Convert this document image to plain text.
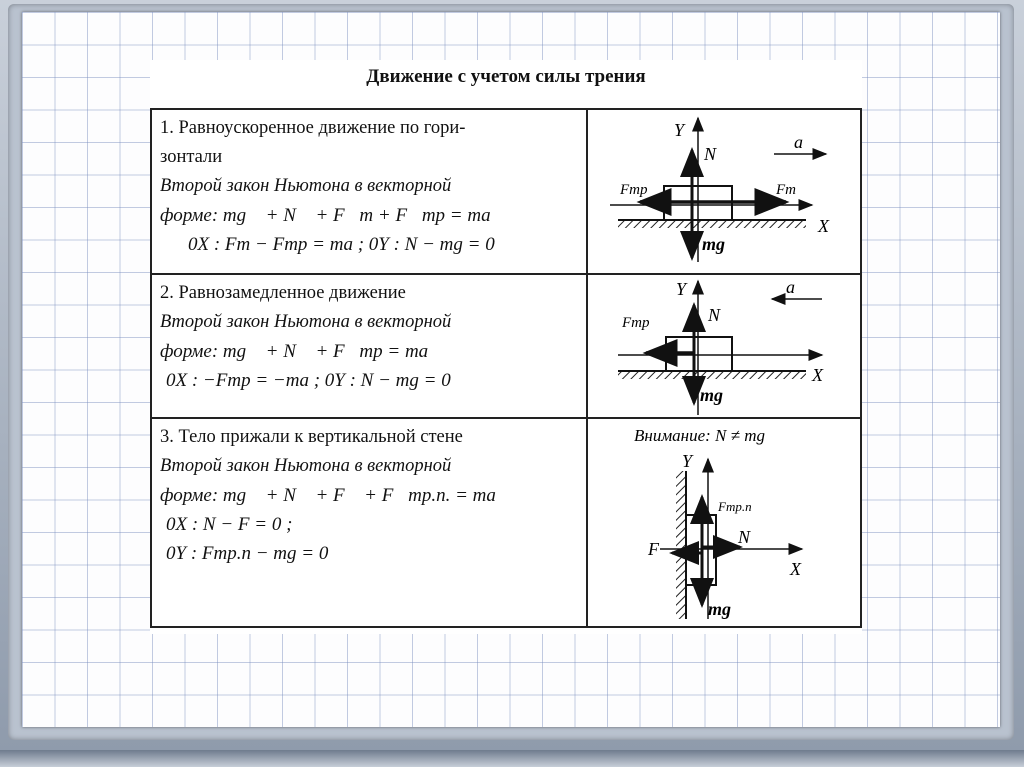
Движение с учетом силы трения
1. Равноускоренное движение по гори-
зонтали
Второй закон Ньютона в векторной
форме: mg⃗ + N⃗ + F⃗т + F⃗тр = ma⃗
0X : Fт − Fтр = ma ; 0Y : N − mg = 0
Y
X
N
a
Fтр	Fт
mg
2. Равнозамедленное движение
Второй закон Ньютона в векторной
форме: mg⃗ + N⃗ + F⃗тр = ma⃗
0X : −Fтр = −ma ; 0Y : N − mg = 0
Y
X
N
a
Fтр
mg
3. Тело прижали к вертикальной стене
Второй закон Ньютона в векторной
форме: mg⃗ + N⃗ + F⃗ + F⃗тр.п. = ma⃗
0X : N − F = 0 ;
0Y : Fтр.п − mg = 0
Внимание: N ≠ mg
Y
X
N
F
Fтр.п
mg
